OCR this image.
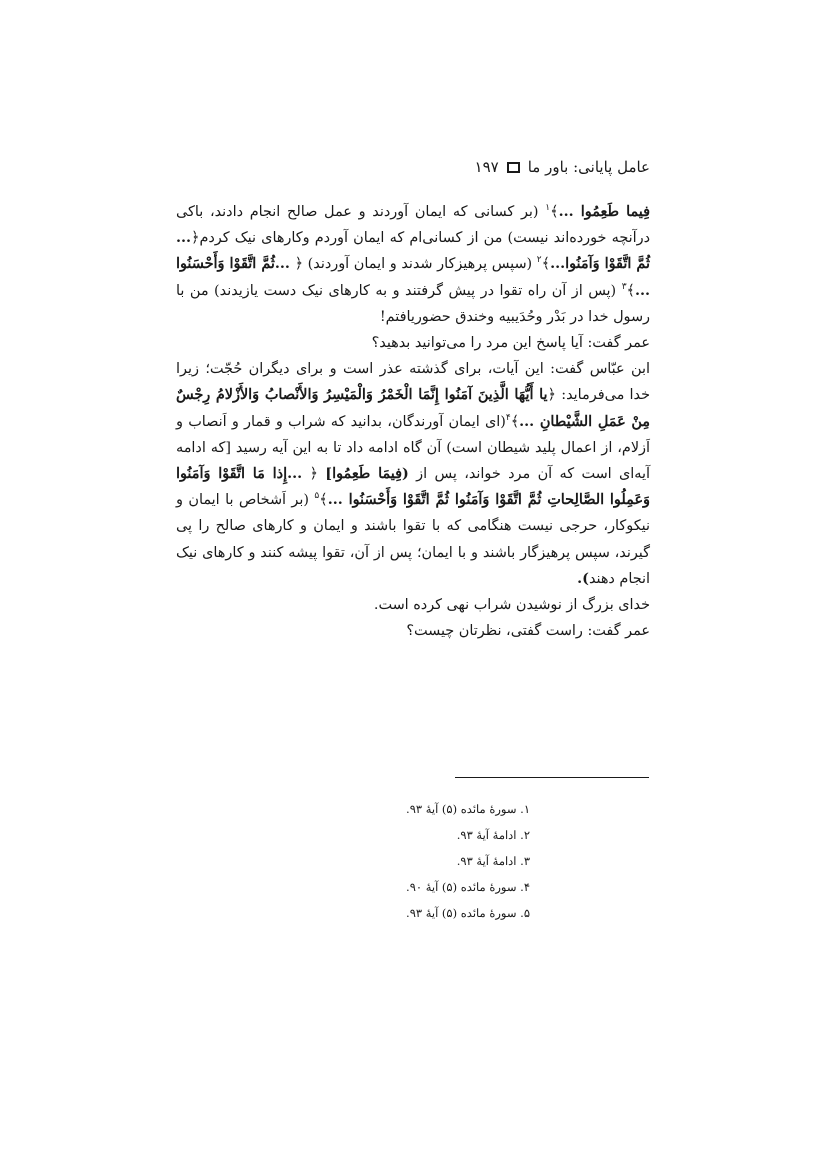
عامل پایانی: باور ما
۱۹۷

فِيما طَعِمُوا ...﴾$^۱$ (بر کسانی که ایمان آوردند و عمل صالح انجام دادند، باکی درآنچه خورده‌اند نیست) من از کسانی‌ام که ایمان آوردم وکارهای نیک کردم﴿... ثُمَّ اتَّقَوْا وَآمَنُوا...﴾$^۲$ (سپس پرهیزکار شدند و ایمان آوردند) ﴿ ...ثُمَّ اتَّقَوْا وَأَحْسَنُوا ...﴾$^۳$ (پس از آن راه تقوا در پیش گرفتند و به کارهای نیک دست یازیدند) من با رسول خدا در بَدْر وحُدَیبیه وخندق حضوریافتم!

عمر گفت: آیا پاسخ این مرد را می‌توانید بدهید؟

ابن عبّاس گفت: این آیات، برای گذشته عذر است و برای دیگران حُجّت؛ زیرا خدا می‌فرماید: ﴿يا أَيُّهَا الَّذِينَ آمَنُوا إِنَّمَا الْخَمْرُ وَالْمَيْسِرُ وَالأَنْصابُ وَالأَزْلامُ رِجْسٌ مِنْ عَمَلِ الشَّيْطانِ ...﴾$^۴$(ای ایمان آورندگان، بدانید که شراب و قمار و اَنصاب و اَزلام، از اعمال پلید شیطان است) آن گاه ادامه داد تا به این آیه رسید [که ادامه آیه‌ای است که آن مرد خواند، پس از (فِيمَا طَعِمُوا] ﴿ ...إِذا مَا اتَّقَوْا وَآمَنُوا وَعَمِلُوا الصَّالِحاتِ ثُمَّ اتَّقَوْا وَآمَنُوا ثُمَّ اتَّقَوْا وَأَحْسَنُوا ...﴾$^۵$ (بر اَشخاص با ایمان و نیکوکار، حرجی نیست هنگامی که با تقوا باشند و ایمان و کارهای صالح را پی گیرند، سپس پرهیزگار باشند و با ایمان؛ پس از آن، تقوا پیشه کنند و کارهای نیک انجام دهند).

خدای بزرگ از نوشیدن شراب نهی کرده است.

عمر گفت: راست گفتی، نظرتان چیست؟

۱. سورهٔ مائده (۵) آیهٔ ۹۳.
۲. ادامهٔ آیهٔ ۹۳.
۳. ادامهٔ آیهٔ ۹۳.
۴. سورهٔ مائده (۵) آیهٔ ۹۰.
۵. سورهٔ مائده (۵) آیهٔ ۹۳.
